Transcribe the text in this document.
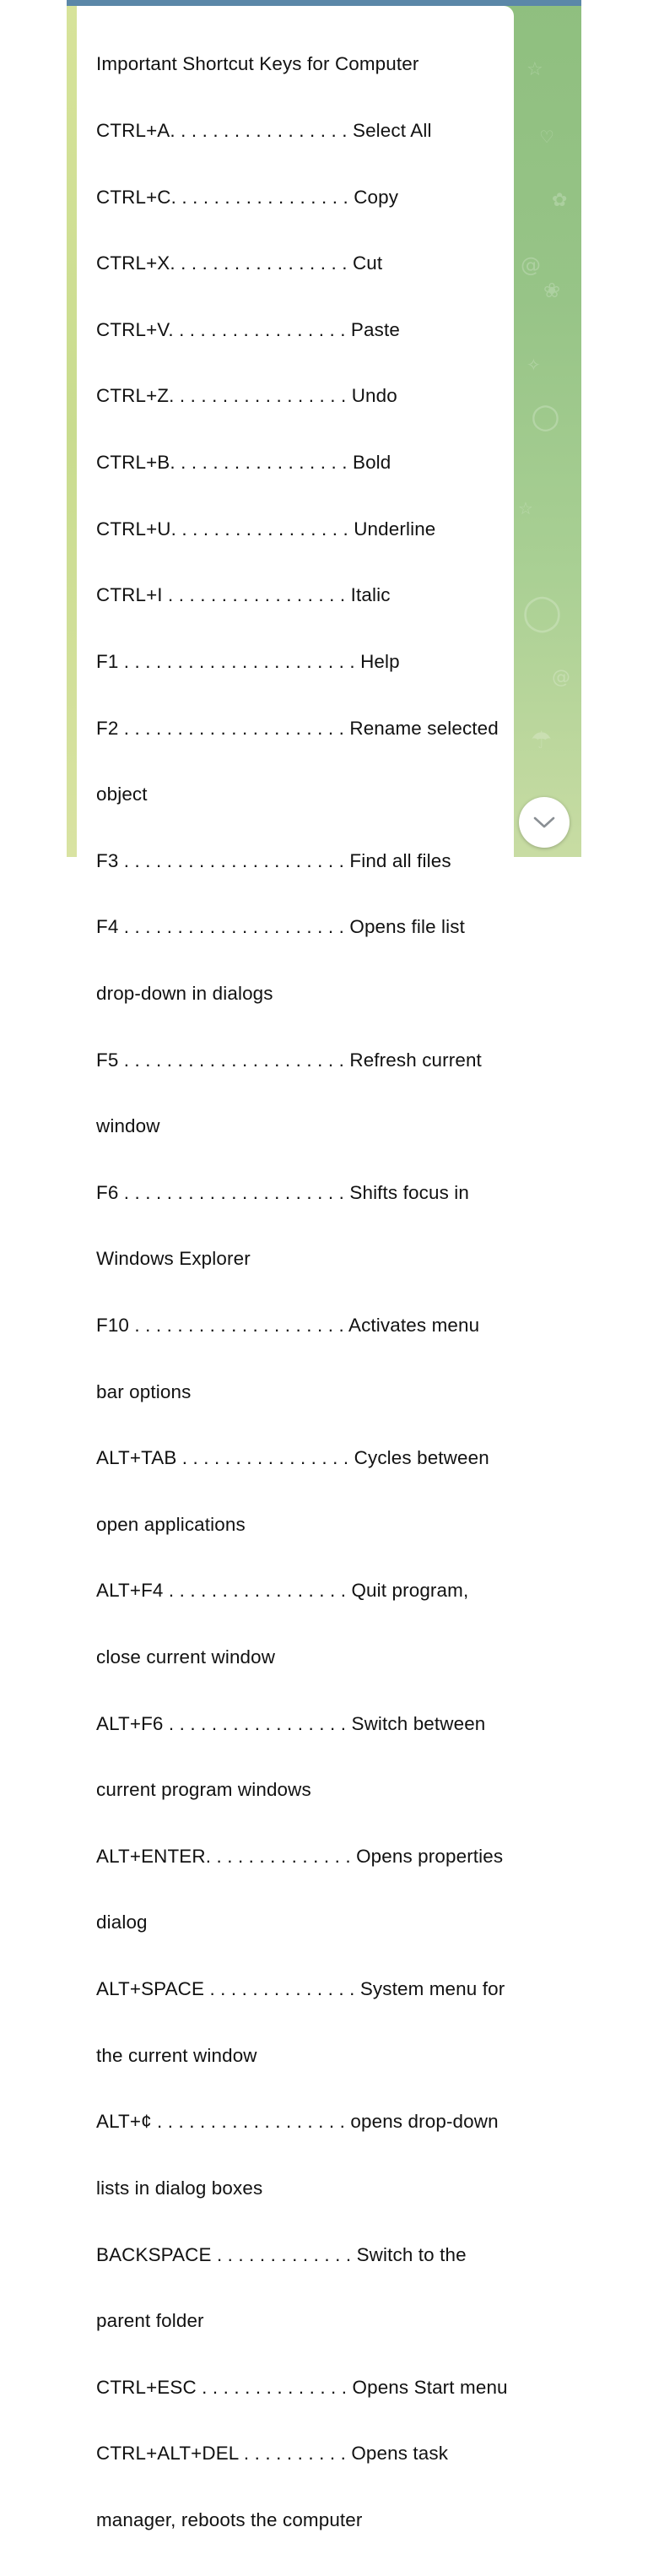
☆
♡
✿
@
❀
✧
○
☆
◯
@
☂

Important Shortcut Keys for Computer

CTRL+A. . . . . . . . . . . . . . . . . Select All

CTRL+C. . . . . . . . . . . . . . . . . Copy

CTRL+X. . . . . . . . . . . . . . . . . Cut

CTRL+V. . . . . . . . . . . . . . . . . Paste

CTRL+Z. . . . . . . . . . . . . . . . . Undo

CTRL+B. . . . . . . . . . . . . . . . . Bold

CTRL+U. . . . . . . . . . . . . . . . . Underline

CTRL+I . . . . . . . . . . . . . . . . . Italic

F1 . . . . . . . . . . . . . . . . . . . . . . Help

F2 . . . . . . . . . . . . . . . . . . . . . Rename selected

object

F3 . . . . . . . . . . . . . . . . . . . . . Find all files

F4 . . . . . . . . . . . . . . . . . . . . . Opens file list

drop-down in dialogs

F5 . . . . . . . . . . . . . . . . . . . . . Refresh current

window

F6 . . . . . . . . . . . . . . . . . . . . . Shifts focus in

Windows Explorer

F10 . . . . . . . . . . . . . . . . . . . . Activates menu

bar options

ALT+TAB . . . . . . . . . . . . . . . . Cycles between

open applications

ALT+F4 . . . . . . . . . . . . . . . . . Quit program,

close current window

ALT+F6 . . . . . . . . . . . . . . . . . Switch between

current program windows

ALT+ENTER. . . . . . . . . . . . . . Opens properties

dialog

ALT+SPACE . . . . . . . . . . . . . . System menu for

the current window

ALT+¢ . . . . . . . . . . . . . . . . . . opens drop-down

lists in dialog boxes

BACKSPACE . . . . . . . . . . . . . Switch to the

parent folder

CTRL+ESC . . . . . . . . . . . . . . Opens Start menu

CTRL+ALT+DEL . . . . . . . . . . Opens task

manager, reboots the computer
